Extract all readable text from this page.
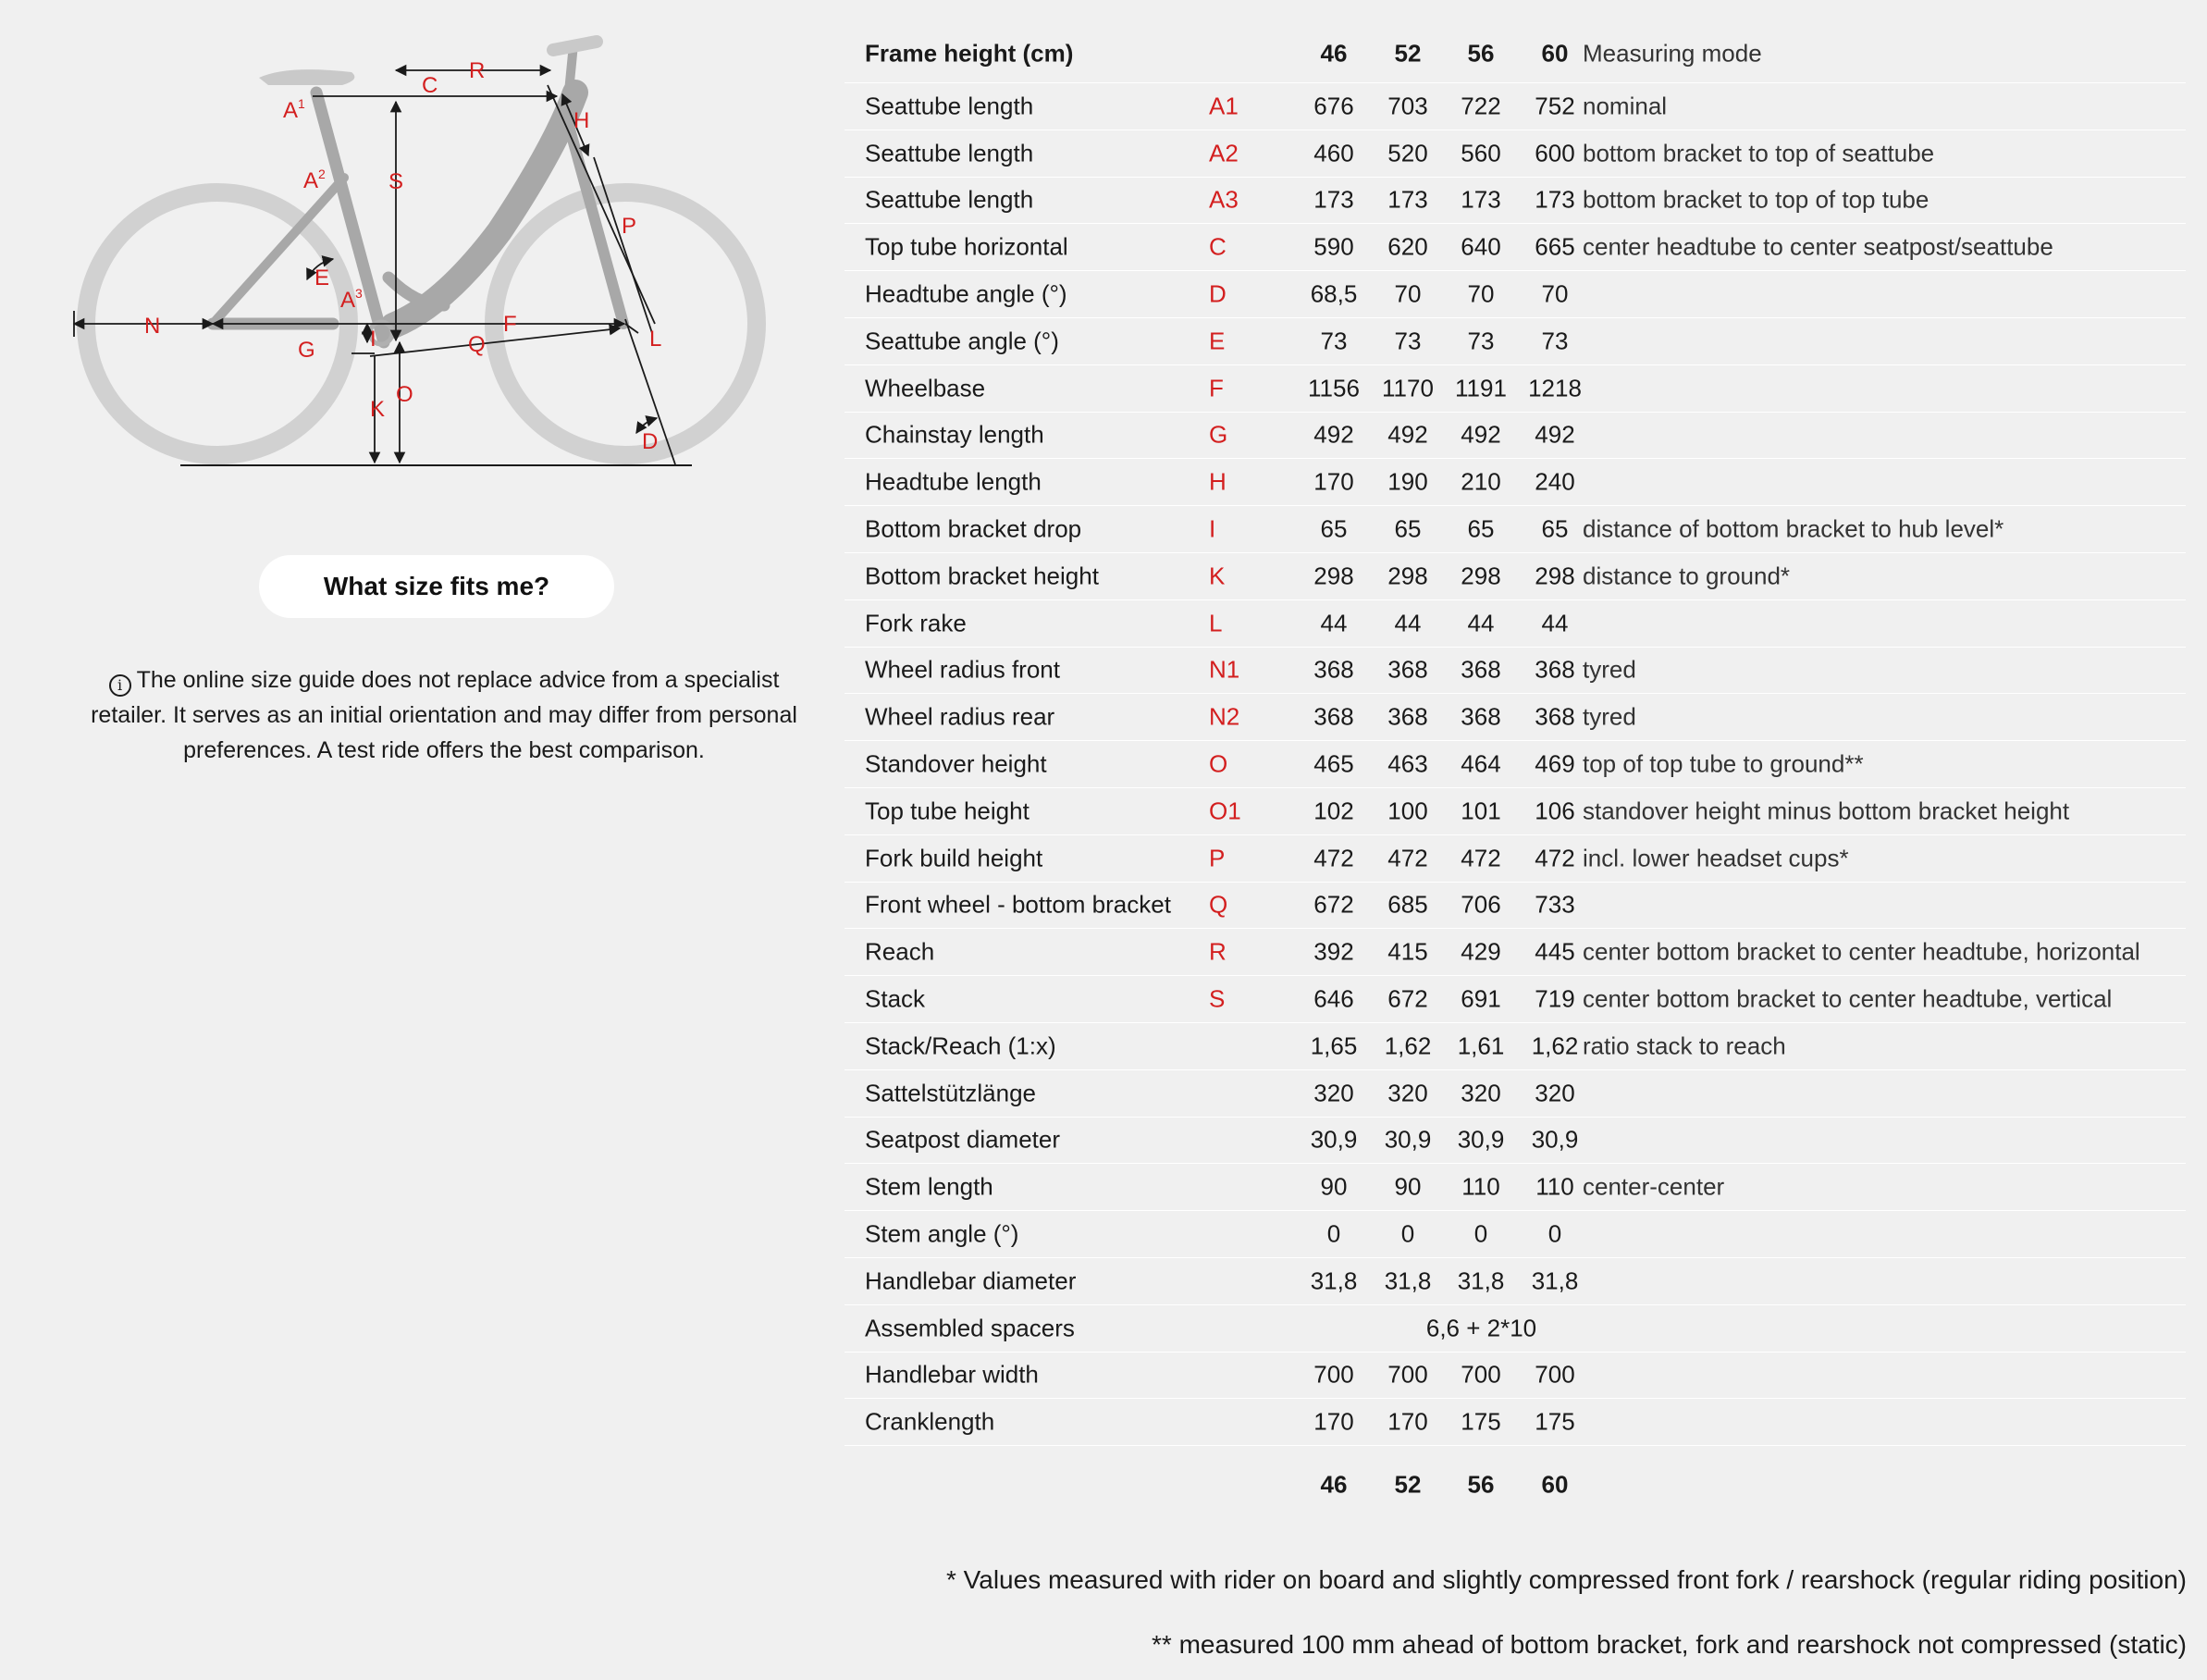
$A^1$
$A^2$
$A^3$
C
R
H
S
P
E
N	F
G I	Q	L
O
K
D
What size fits me?
i The online size guide does not replace advice from a specialist retailer. It serves as an initial orientation and may differ from personal preferences. A test ride offers the best comparison.
Frame height (cm)	46	52	56	60 Measuring mode
Seattube length	A1	676	703	722	752 nominal
Seattube length	A2	460	520	560	600 bottom bracket to top of seattube
Seattube length	A3	173	173	173	173 bottom bracket to top of top tube
Top tube horizontal	C	590	620	640	665 center headtube to center seatpost/seattube
Headtube angle (°)	D	68,5	70	70	70
Seattube angle (°)	E	73	73	73	73
Wheelbase	F	1156 1170 1191 1218
Chainstay length	G	492	492	492	492
Headtube length	H	170	190	210	240
Bottom bracket drop	I	65	65	65	65 distance of bottom bracket to hub level*
Bottom bracket height	K	298	298	298	298 distance to ground*
Fork rake	L	44	44	44	44
Wheel radius front	N1	368	368	368	368 tyred
Wheel radius rear	N2	368	368	368	368 tyred
Standover height	O	465	463	464	469 top of top tube to ground**
Top tube height	O1	102	100	101	106 standover height minus bottom bracket height
Fork build height	P	472	472	472	472 incl. lower headset cups*
Front wheel - bottom bracket Q	672	685	706	733
Reach	R	392	415	429	445 center bottom bracket to center headtube, horizontal
Stack	S	646	672	691	719 center bottom bracket to center headtube, vertical
Stack/Reach (1:x)	1,65	1,62	1,61	1,62 ratio stack to reach
Sattelstützlänge	320	320	320	320
Seatpost diameter	30,9	30,9	30,9	30,9
Stem length	90	90	110	110 center-center
Stem angle (°)	0	0	0	0
Handlebar diameter	31,8	31,8	31,8	31,8
Assembled spacers	6,6 + 2*10
Handlebar width	700	700	700	700
Cranklength	170	170	175	175
46	52	56	60
* Values measured with rider on board and slightly compressed front fork / rearshock (regular riding position)
** measured 100 mm ahead of bottom bracket, fork and rearshock not compressed (static)
